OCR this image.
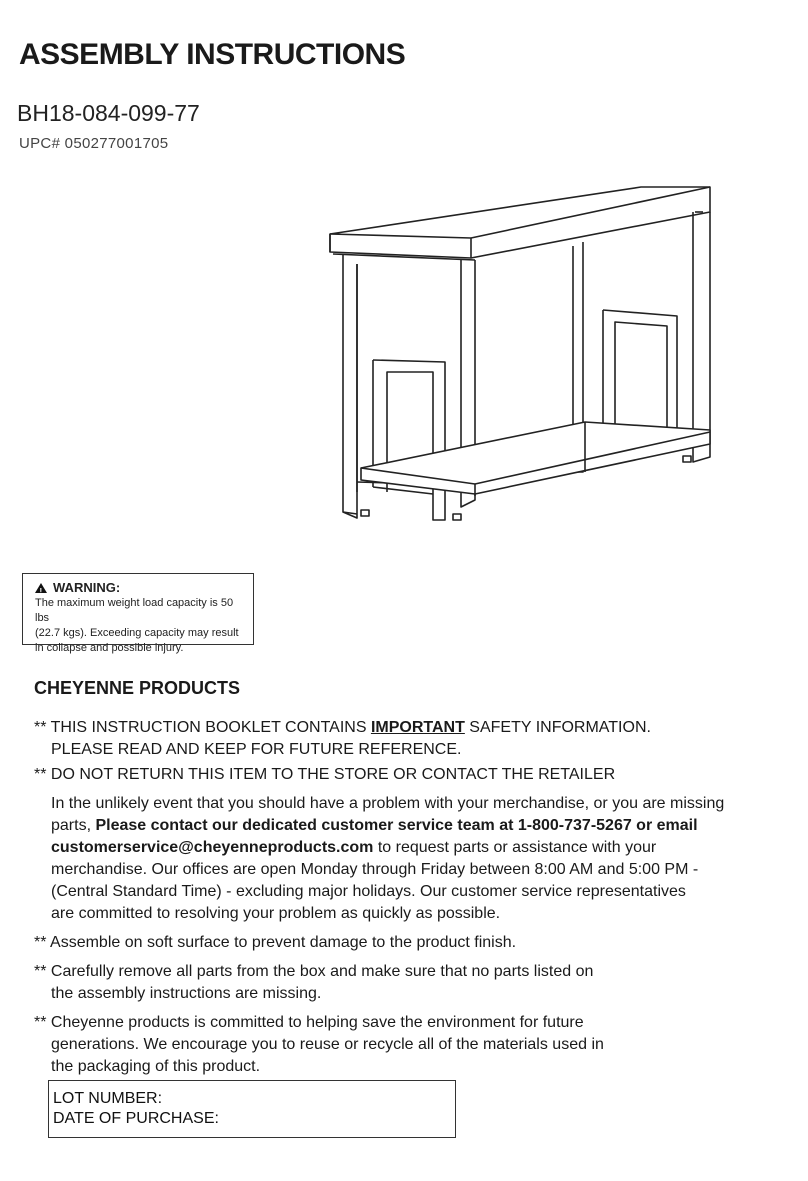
ASSEMBLY INSTRUCTIONS
BH18-084-099-77
UPC# 050277001705
!
WARNING:
The maximum weight load capacity is 50 lbs
(22.7 kgs). Exceeding capacity may result
in collapse and possible injury.
CHEYENNE PRODUCTS
** THIS INSTRUCTION BOOKLET CONTAINS IMPORTANT SAFETY INFORMATION.
PLEASE READ AND KEEP FOR FUTURE REFERENCE.
** DO NOT RETURN THIS ITEM TO THE STORE OR CONTACT THE RETAILER
In the unlikely event that you should have a problem with your merchandise, or you are missing
parts, Please contact our dedicated customer service team at 1-800-737-5267 or email
customerservice@cheyenneproducts.com to request parts or assistance with your
merchandise. Our offices are open Monday through Friday between 8:00 AM and 5:00 PM -
(Central Standard Time) - excluding major holidays. Our customer service representatives
are committed to resolving your problem as quickly as possible.
** Assemble on soft surface to prevent damage to the product finish.
** Carefully remove all parts from the box and make sure that no parts listed on
the assembly instructions are missing.
** Cheyenne products is committed to helping save the environment for future
generations. We encourage you to reuse or recycle all of the materials used in
the packaging of this product.
LOT NUMBER:
DATE OF PURCHASE:
